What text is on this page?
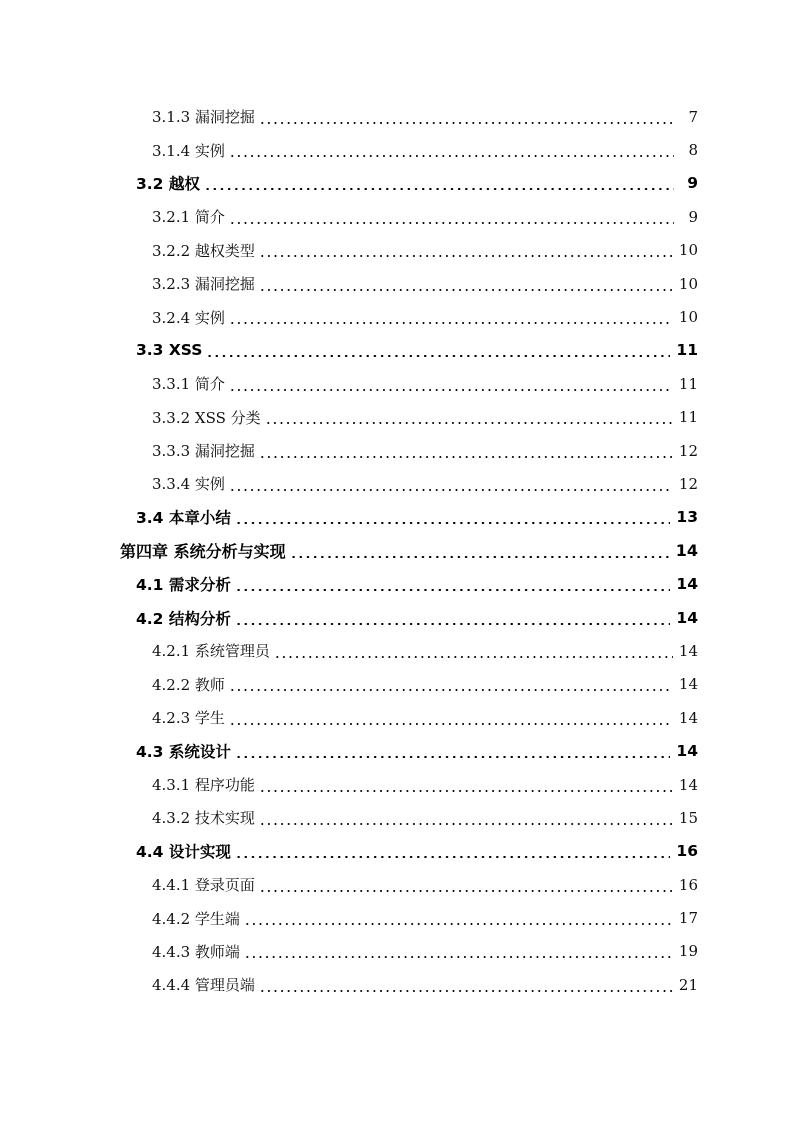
3.1.3 漏洞挖掘	7
3.1.4 实例	8
3.2 越权	9
3.2.1 简介	9
3.2.2 越权类型	10
3.2.3 漏洞挖掘	10
3.2.4 实例	10
3.3 XSS	11
3.3.1 简介	11
3.3.2 XSS 分类	11
3.3.3 漏洞挖掘	12
3.3.4 实例	12
3.4 本章小结	13
第四章 系统分析与实现	14
4.1 需求分析	14
4.2 结构分析	14
4.2.1 系统管理员	14
4.2.2 教师	14
4.2.3 学生	14
4.3 系统设计	14
4.3.1 程序功能	14
4.3.2 技术实现	15
4.4 设计实现	16
4.4.1 登录页面	16
4.4.2 学生端	17
4.4.3 教师端	19
4.4.4 管理员端	21
